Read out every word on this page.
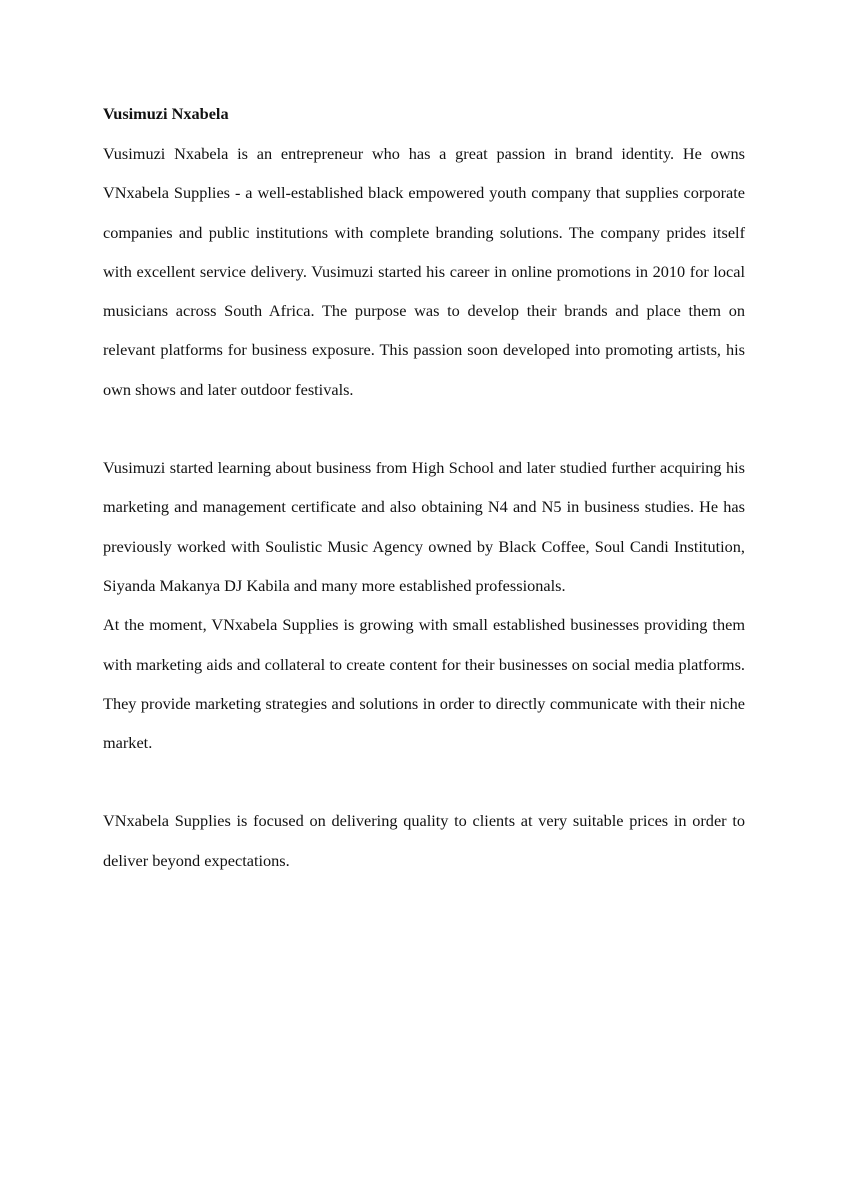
Vusimuzi Nxabela

Vusimuzi Nxabela is an entrepreneur who has a great passion in brand identity. He owns VNxabela Supplies - a well-established black empowered youth company that supplies corporate companies and public institutions with complete branding solutions. The company prides itself with excellent service delivery. Vusimuzi started his career in online promotions in 2010 for local musicians across South Africa. The purpose was to develop their brands and place them on relevant platforms for business exposure. This passion soon developed into promoting artists, his own shows and later outdoor festivals.

Vusimuzi started learning about business from High School and later studied further acquiring his marketing and management certificate and also obtaining N4 and N5 in business studies. He has previously worked with Soulistic Music Agency owned by Black Coffee, Soul Candi Institution, Siyanda Makanya DJ Kabila and many more established professionals.

At the moment, VNxabela Supplies is growing with small established businesses providing them with marketing aids and collateral to create content for their businesses on social media platforms. They provide marketing strategies and solutions in order to directly communicate with their niche market.

VNxabela Supplies is focused on delivering quality to clients at very suitable prices in order to deliver beyond expectations.
